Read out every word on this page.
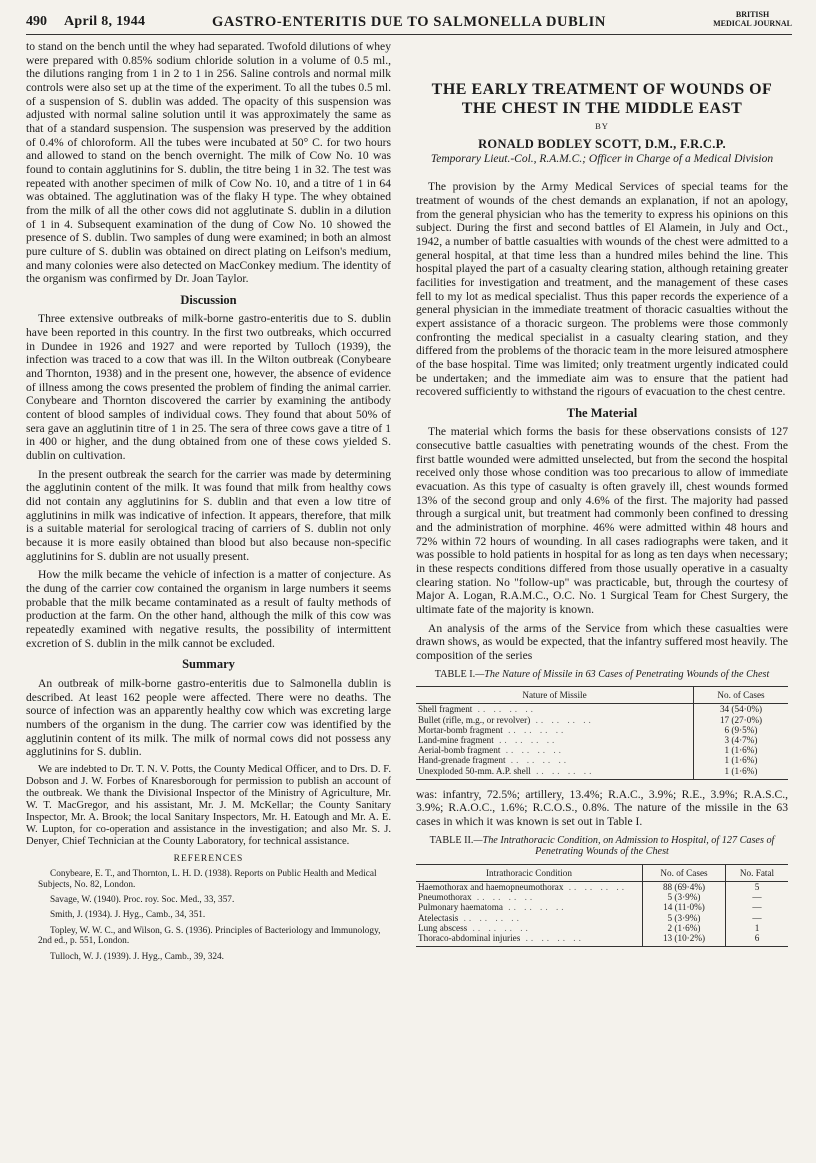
490 April 8, 1944	GASTRO-ENTERITIS DUE TO SALMONELLA DUBLIN	BRITISH
MEDICAL JOURNAL

to stand on the bench until the whey had separated. Twofold dilutions of whey were prepared with 0.85% sodium chloride solution in a volume of 0.5 ml., the dilutions ranging from 1 in 2 to 1 in 256. Saline controls and normal milk controls were also set up at the time of the experiment. To all the tubes 0.5 ml. of a suspension of S. dublin was added. The opacity of this suspension was adjusted with normal saline solution until it was approximately the same as that of a standard suspension. The suspension was preserved by the addition of 0.4% of chloroform. All the tubes were incubated at 50° C. for two hours and allowed to stand on the bench overnight. The milk of Cow No. 10 was found to contain agglutinins for S. dublin, the titre being 1 in 32. The test was repeated with another specimen of milk of Cow No. 10, and a titre of 1 in 64 was obtained. The agglutination was of the flaky H type. The whey obtained from the milk of all the other cows did not agglutinate S. dublin in a dilution of 1 in 4. Subsequent examination of the dung of Cow No. 10 showed the presence of S. dublin. Two samples of dung were examined; in both an almost pure culture of S. dublin was obtained on direct plating on Leifson's medium, and many colonies were also detected on MacConkey medium. The identity of the organism was confirmed by Dr. Joan Taylor.

Discussion

Three extensive outbreaks of milk-borne gastro-enteritis due to S. dublin have been reported in this country. In the first two outbreaks, which occurred in Dundee in 1926 and 1927 and were reported by Tulloch (1939), the infection was traced to a cow that was ill. In the Wilton outbreak (Conybeare and Thornton, 1938) and in the present one, however, the absence of evidence of illness among the cows presented the problem of finding the animal carrier. Conybeare and Thornton discovered the carrier by examining the antibody content of blood samples of individual cows. They found that about 50% of sera gave an agglutinin titre of 1 in 25. The sera of three cows gave a titre of 1 in 400 or higher, and the dung obtained from one of these cows yielded S. dublin on cultivation.

In the present outbreak the search for the carrier was made by determining the agglutinin content of the milk. It was found that milk from healthy cows did not contain any agglutinins for S. dublin and that even a low titre of agglutinins in milk was indicative of infection. It appears, therefore, that milk is a suitable material for serological tracing of carriers of S. dublin not only because it is more easily obtained than blood but also because non-specific agglutinins for S. dublin are not usually present.

How the milk became the vehicle of infection is a matter of conjecture. As the dung of the carrier cow contained the organism in large numbers it seems probable that the milk became contaminated as a result of faulty methods of production at the farm. On the other hand, although the milk of this cow was repeatedly examined with negative results, the possibility of intermittent excretion of S. dublin in the milk cannot be excluded.

Summary

An outbreak of milk-borne gastro-enteritis due to Salmonella dublin is described. At least 162 people were affected. There were no deaths. The source of infection was an apparently healthy cow which was excreting large numbers of the organism in the dung. The carrier cow was identified by the agglutinin content of its milk. The milk of normal cows did not possess any agglutinins for S. dublin.

We are indebted to Dr. T. N. V. Potts, the County Medical Officer, and to Drs. D. F. Dobson and J. W. Forbes of Knaresborough for permission to publish an account of the outbreak. We thank the Divisional Inspector of the Ministry of Agriculture, Mr. W. T. MacGregor, and his assistant, Mr. J. M. McKellar; the County Sanitary Inspector, Mr. A. Brook; the local Sanitary Inspectors, Mr. H. Eatough and Mr. A. E. W. Lupton, for co-operation and assistance in the investigation; and also Mr. S. J. Denyer, Chief Technician at the County Laboratory, for technical assistance.

REFERENCES

Conybeare, E. T., and Thornton, L. H. D. (1938). Reports on Public Health and Medical Subjects, No. 82, London.

Savage, W. (1940). Proc. roy. Soc. Med., 33, 357.

Smith, J. (1934). J. Hyg., Camb., 34, 351.

Topley, W. W. C., and Wilson, G. S. (1936). Principles of Bacteriology and Immunology, 2nd ed., p. 551, London.

Tulloch, W. J. (1939). J. Hyg., Camb., 39, 324.

THE EARLY TREATMENT OF WOUNDS OF THE CHEST IN THE MIDDLE EAST
BY
RONALD BODLEY SCOTT, D.M., F.R.C.P.
Temporary Lieut.-Col., R.A.M.C.; Officer in Charge of a Medical Division

The provision by the Army Medical Services of special teams for the treatment of wounds of the chest demands an explanation, if not an apology, from the general physician who has the temerity to express his opinions on this subject. During the first and second battles of El Alamein, in July and Oct., 1942, a number of battle casualties with wounds of the chest were admitted to a general hospital, at that time less than a hundred miles behind the line. This hospital played the part of a casualty clearing station, although retaining greater facilities for investigation and treatment, and the management of these cases fell to my lot as medical specialist. Thus this paper records the experience of a general physician in the immediate treatment of thoracic casualties without the expert assistance of a thoracic surgeon. The problems were those commonly confronting the medical specialist in a casualty clearing station, and they differed from the problems of the thoracic team in the more leisured atmosphere of the base hospital. Time was limited; only treatment urgently indicated could be undertaken; and the immediate aim was to ensure that the patient had recovered sufficiently to withstand the rigours of evacuation to the chest centre.

The Material

The material which forms the basis for these observations consists of 127 consecutive battle casualties with penetrating wounds of the chest. From the first battle wounded were admitted unselected, but from the second the hospital received only those whose condition was too precarious to allow of immediate evacuation. As this type of casualty is often gravely ill, chest wounds formed 13% of the second group and only 4.6% of the first. The majority had passed through a surgical unit, but treatment had commonly been confined to dressing and the administration of morphine. 46% were admitted within 48 hours and 72% within 72 hours of wounding. In all cases radiographs were taken, and it was possible to hold patients in hospital for as long as ten days when necessary; in these respects conditions differed from those usually operative in a casualty clearing station. No "follow-up" was practicable, but, through the courtesy of Major A. Logan, R.A.M.C., O.C. No. 1 Surgical Team for Chest Surgery, the ultimate fate of the majority is known.

An analysis of the arms of the Service from which these casualties were drawn shows, as would be expected, that the infantry suffered most heavily. The composition of the series

TABLE I.—The Nature of Missile in 63 Cases of Penetrating Wounds of the Chest
Nature of Missile	No. of Cases
Shell fragment .. .. .. ..	34 (54·0%)
Bullet (rifle, m.g., or revolver) .. .. .. ..	17 (27·0%)
Mortar-bomb fragment .. .. .. ..	6 (9·5%)
Land-mine fragment .. .. .. ..	3 (4·7%)
Aerial-bomb fragment .. .. .. ..	1 (1·6%)
Hand-grenade fragment .. .. .. ..	1 (1·6%)
Unexploded 50-mm. A.P. shell .. .. .. ..	1 (1·6%)

was: infantry, 72.5%; artillery, 13.4%; R.A.C., 3.9%; R.E., 3.9%; R.A.S.C., 3.9%; R.A.O.C., 1.6%; R.C.O.S., 0.8%. The nature of the missile in the 63 cases in which it was known is set out in Table I.

TABLE II.—The Intrathoracic Condition, on Admission to Hospital, of 127 Cases of Penetrating Wounds of the Chest
Intrathoracic Condition	No. of Cases	No. Fatal
Haemothorax and haemopneumothorax .. .. .. ..	88 (69·4%)	5
Pneumothorax .. .. .. ..	5 (3·9%)	—
Pulmonary haematoma .. .. .. ..	14 (11·0%)	—
Atelectasis .. .. .. ..	5 (3·9%)	—
Lung abscess .. .. .. ..	2 (1·6%)	1
Thoraco-abdominal injuries .. .. .. ..	13 (10·2%)	6
